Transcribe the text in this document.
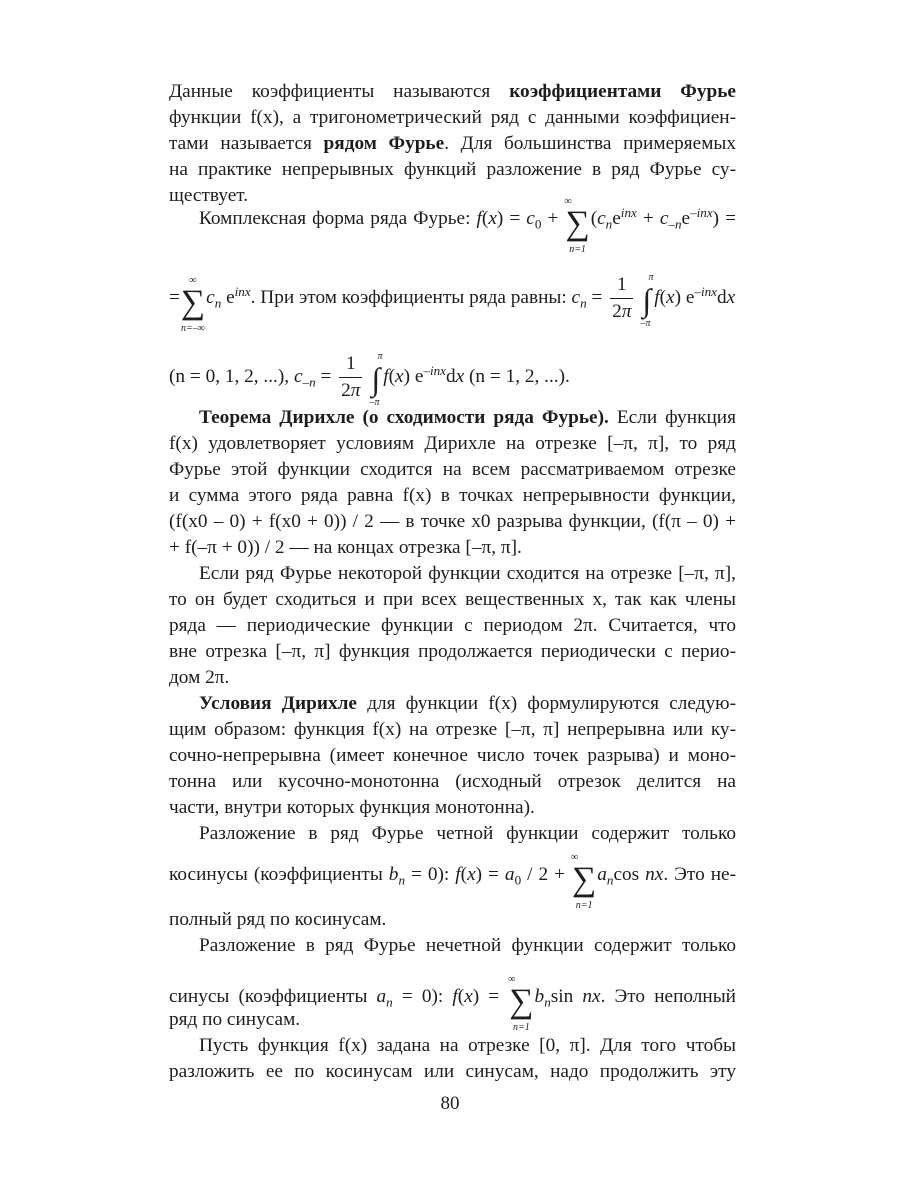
Данные коэффициенты называются коэффициентами Фурье
функции f(x), а тригонометрический ряд с данными коэффициен-
тами называется рядом Фурье. Для большинства примеряемых
на практике непрерывных функций разложение в ряд Фурье су-
ществует.
Комплексная форма ряда Фурье: $f(x) = c_0$ + ∑
∞
n=1
$(c_ne^{inx} + c_{-n}e^{-inx})$ =
=∑
∞
n=–∞
$c_n$ $e^{inx}$. При этом коэффициенты ряда равны: $c_n = \frac{1}{2\pi}$ ∫
π
–π
f(x) $e^{-inx}dx$
(n = 0, 1, 2, ...), $c_{-n} = \frac{1}{2\pi}$ ∫
π
–π
f(x) $e^{-inx}dx$ (n = 1, 2, ...).
Теорема Дирихле (о сходимости ряда Фурье). Если функция
f(x) удовлетворяет условиям Дирихле на отрезке [–π, π], то ряд
Фурье этой функции сходится на всем рассматриваемом отрезке
и сумма этого ряда равна f(x) в точках непрерывности функции,
(f(x0 – 0) + f(x0 + 0)) / 2 — в точке x0 разрыва функции, (f(π – 0) +
+ f(–π + 0)) / 2 — на концах отрезка [–π, π].
Если ряд Фурье некоторой функции сходится на отрезке [–π, π],
то он будет сходиться и при всех вещественных x, так как члены
ряда — периодические функции с периодом 2π. Считается, что
вне отрезка [–π, π] функция продолжается периодически с перио-
дом 2π.
Условия Дирихле для функции f(x) формулируются следую-
щим образом: функция f(x) на отрезке [–π, π] непрерывна или ку-
сочно-непрерывна (имеет конечное число точек разрыва) и моно-
тонна или кусочно-монотонна (исходный отрезок делится на
части, внутри которых функция монотонна).
Разложение в ряд Фурье четной функции содержит только
косинусы (коэффициенты $b_n = 0$): $f(x) = a_0 / 2$ + ∑
∞
n=1
$a_n\cos$ nx. Это не-
полный ряд по косинусам.
Разложение в ряд Фурье нечетной функции содержит только
синусы (коэффициенты $a_n = 0$): f(x) = ∑
∞
n=1
$b_n\sin$ nx. Это неполный
ряд по синусам.
Пусть функция f(x) задана на отрезке [0, π]. Для того чтобы
разложить ее по косинусам или синусам, надо продолжить эту
80
